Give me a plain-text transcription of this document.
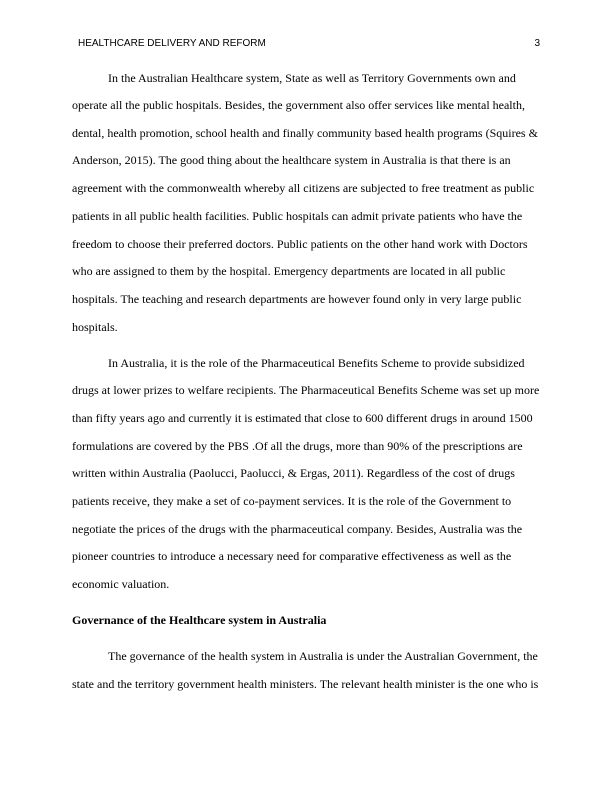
HEALTHCARE DELIVERY AND REFORM	3
In the Australian Healthcare system, State as well as Territory Governments own and
operate all the public hospitals. Besides, the government also offer services like mental health,
dental, health promotion, school health and finally community based health programs (Squires &
Anderson, 2015). The good thing about the healthcare system in Australia is that there is an
agreement with the commonwealth whereby all citizens are subjected to free treatment as public
patients in all public health facilities. Public hospitals can admit private patients who have the
freedom to choose their preferred doctors. Public patients on the other hand work with Doctors
who are assigned to them by the hospital. Emergency departments are located in all public
hospitals. The teaching and research departments are however found only in very large public
hospitals.
In Australia, it is the role of the Pharmaceutical Benefits Scheme to provide subsidized
drugs at lower prizes to welfare recipients. The Pharmaceutical Benefits Scheme was set up more
than fifty years ago and currently it is estimated that close to 600 different drugs in around 1500
formulations are covered by the PBS .Of all the drugs, more than 90% of the prescriptions are
written within Australia (Paolucci, Paolucci, & Ergas, 2011). Regardless of the cost of drugs
patients receive, they make a set of co-payment services. It is the role of the Government to
negotiate the prices of the drugs with the pharmaceutical company. Besides, Australia was the
pioneer countries to introduce a necessary need for comparative effectiveness as well as the
economic valuation.
Governance of the Healthcare system in Australia
The governance of the health system in Australia is under the Australian Government, the
state and the territory government health ministers. The relevant health minister is the one who is
